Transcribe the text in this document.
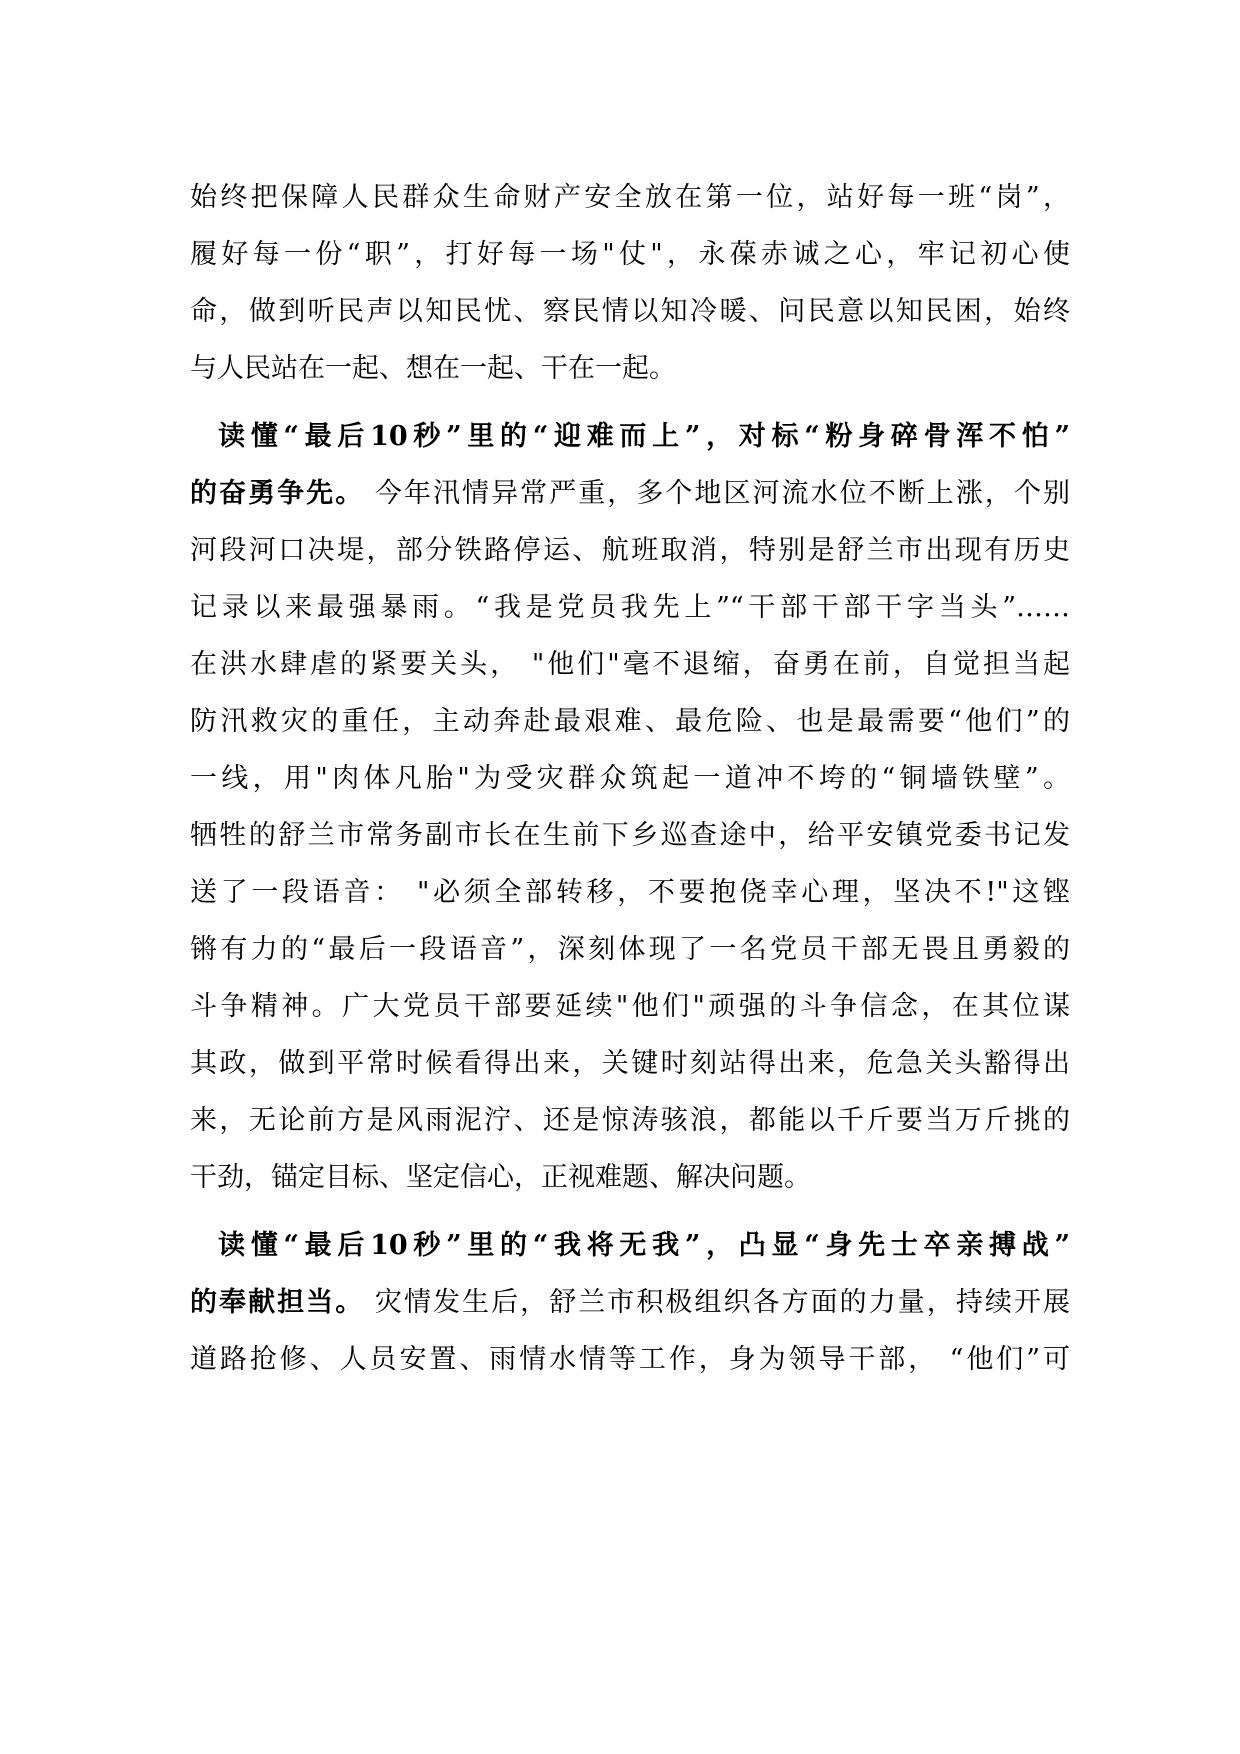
始终把保障人民群众生命财产安全放在第一位，站好每一班“岗”，
履好每一份“职”，打好每一场"仗"，永葆赤诚之心，牢记初心使
命，做到听民声以知民忧、察民情以知冷暖、问民意以知民困，始终
与人民站在一起、想在一起、干在一起。
读懂“最后10秒”里的“迎难而上”，对标“粉身碎骨浑不怕”
的奋勇争先。 今年汛情异常严重，多个地区河流水位不断上涨，个别
河段河口决堤，部分铁路停运、航班取消，特别是舒兰市出现有历史
记录以来最强暴雨。“我是党员我先上”“干部干部干字当头”……
在洪水肆虐的紧要关头， "他们"毫不退缩，奋勇在前，自觉担当起
防汛救灾的重任，主动奔赴最艰难、最危险、也是最需要“他们”的
一线，用"肉体凡胎"为受灾群众筑起一道冲不垮的“铜墙铁壁”。
牺牲的舒兰市常务副市长在生前下乡巡查途中，给平安镇党委书记发
送了一段语音： "必须全部转移，不要抱侥幸心理，坚决不!"这铿
锵有力的“最后一段语音”，深刻体现了一名党员干部无畏且勇毅的
斗争精神。广大党员干部要延续"他们"顽强的斗争信念，在其位谋
其政，做到平常时候看得出来，关键时刻站得出来，危急关头豁得出
来，无论前方是风雨泥泞、还是惊涛骇浪，都能以千斤要当万斤挑的
干劲，锚定目标、坚定信心，正视难题、解决问题。
读懂“最后10秒”里的“我将无我”，凸显“身先士卒亲搏战”
的奉献担当。 灾情发生后，舒兰市积极组织各方面的力量，持续开展
道路抢修、人员安置、雨情水情等工作，身为领导干部， “他们”可
